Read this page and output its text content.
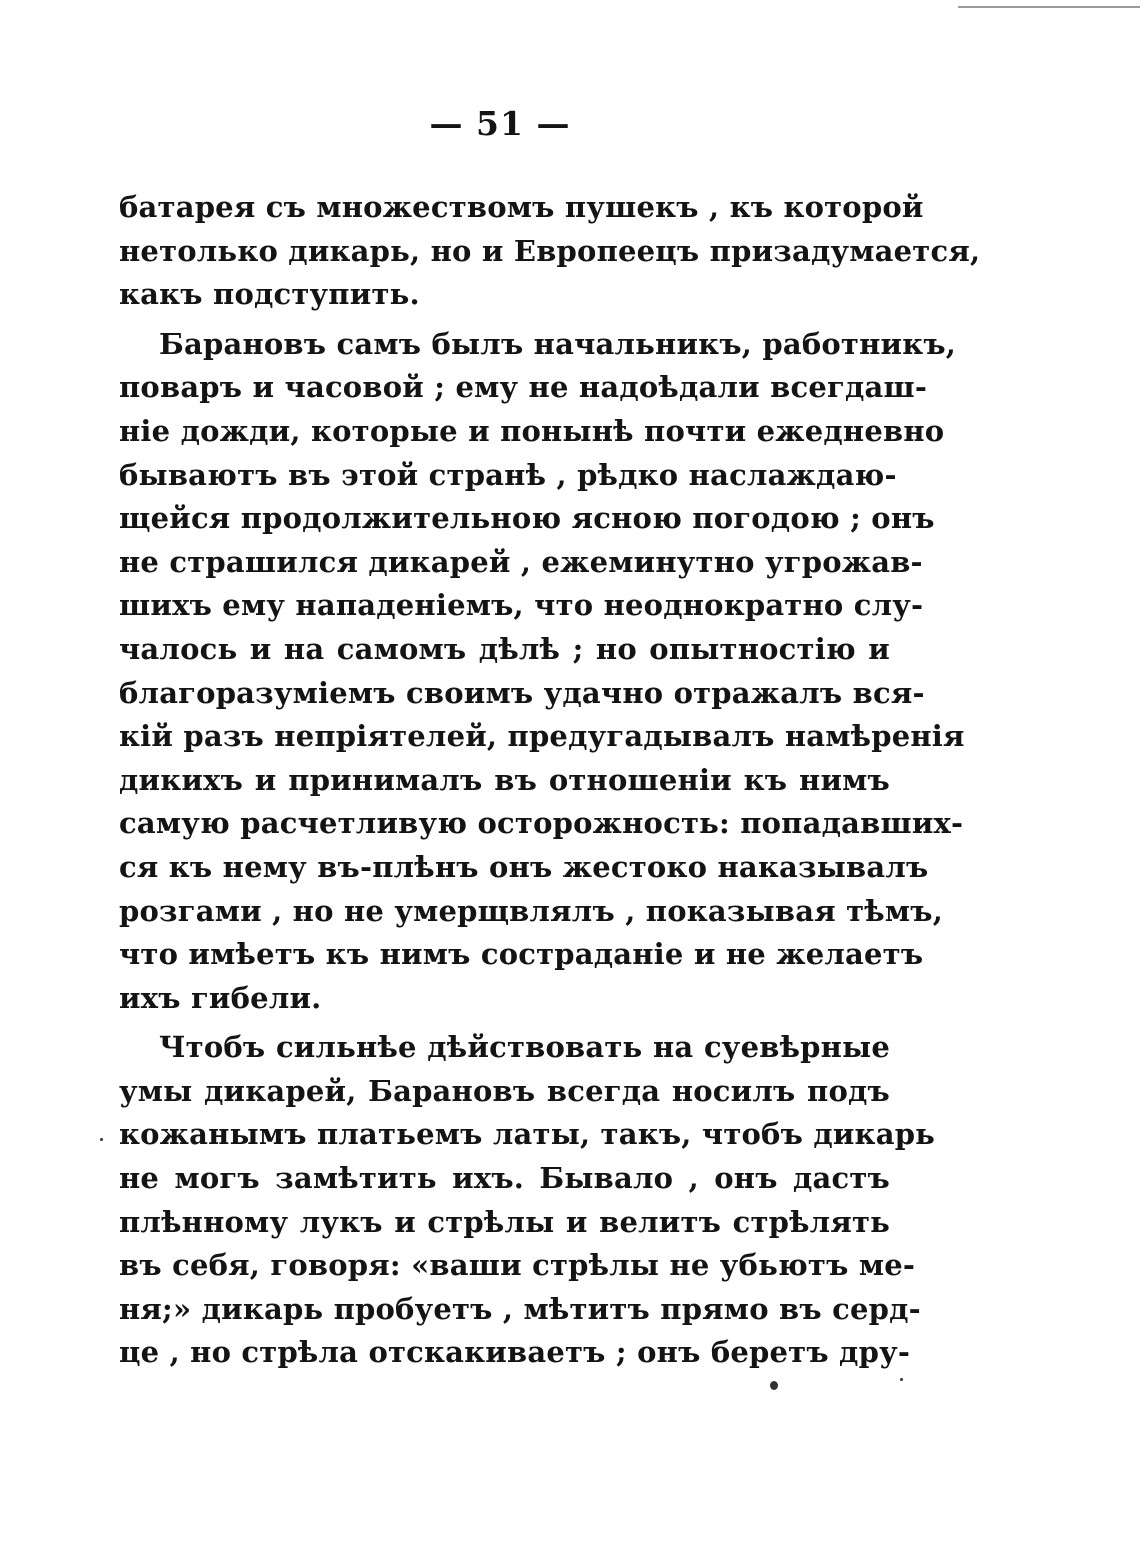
— 51 —
батарея съ множествомъ пушекъ , къ которой
нетолько дикарь, но и Европеецъ призадумается,
какъ подступить.
Барановъ самъ былъ начальникъ, работникъ,
поваръ и часовой ; ему не надоѣдали всегдаш-
ніе дожди, которые и понынѣ почти ежедневно
бываютъ въ этой странѣ , рѣдко наслаждаю-
щейся продолжительною ясною погодою ; онъ
не страшился дикарей , ежеминутно угрожав-
шихъ ему нападеніемъ, что неоднократно слу-
чалось и на самомъ дѣлѣ ; но опытностію и
благоразуміемъ своимъ удачно отражалъ вся-
кій разъ непріятелей, предугадывалъ намѣренія
дикихъ и принималъ въ отношеніи къ нимъ
самую расчетливую осторожность: попадавших-
ся къ нему въ-плѣнъ онъ жестоко наказывалъ
розгами , но не умерщвлялъ , показывая тѣмъ,
что имѣетъ къ нимъ состраданіе и не желаетъ
ихъ гибели.
Чтобъ сильнѣе дѣйствовать на суевѣрные
умы дикарей, Барановъ всегда носилъ подъ
кожанымъ платьемъ латы, такъ, чтобъ дикарь
не могъ замѣтить ихъ. Бывало , онъ дастъ
плѣнному лукъ и стрѣлы и велитъ стрѣлять
въ себя, говоря: «ваши стрѣлы не убьютъ ме-
ня;» дикарь пробуетъ , мѣтитъ прямо въ серд-
це , но стрѣла отскакиваетъ ; онъ беретъ дру-
